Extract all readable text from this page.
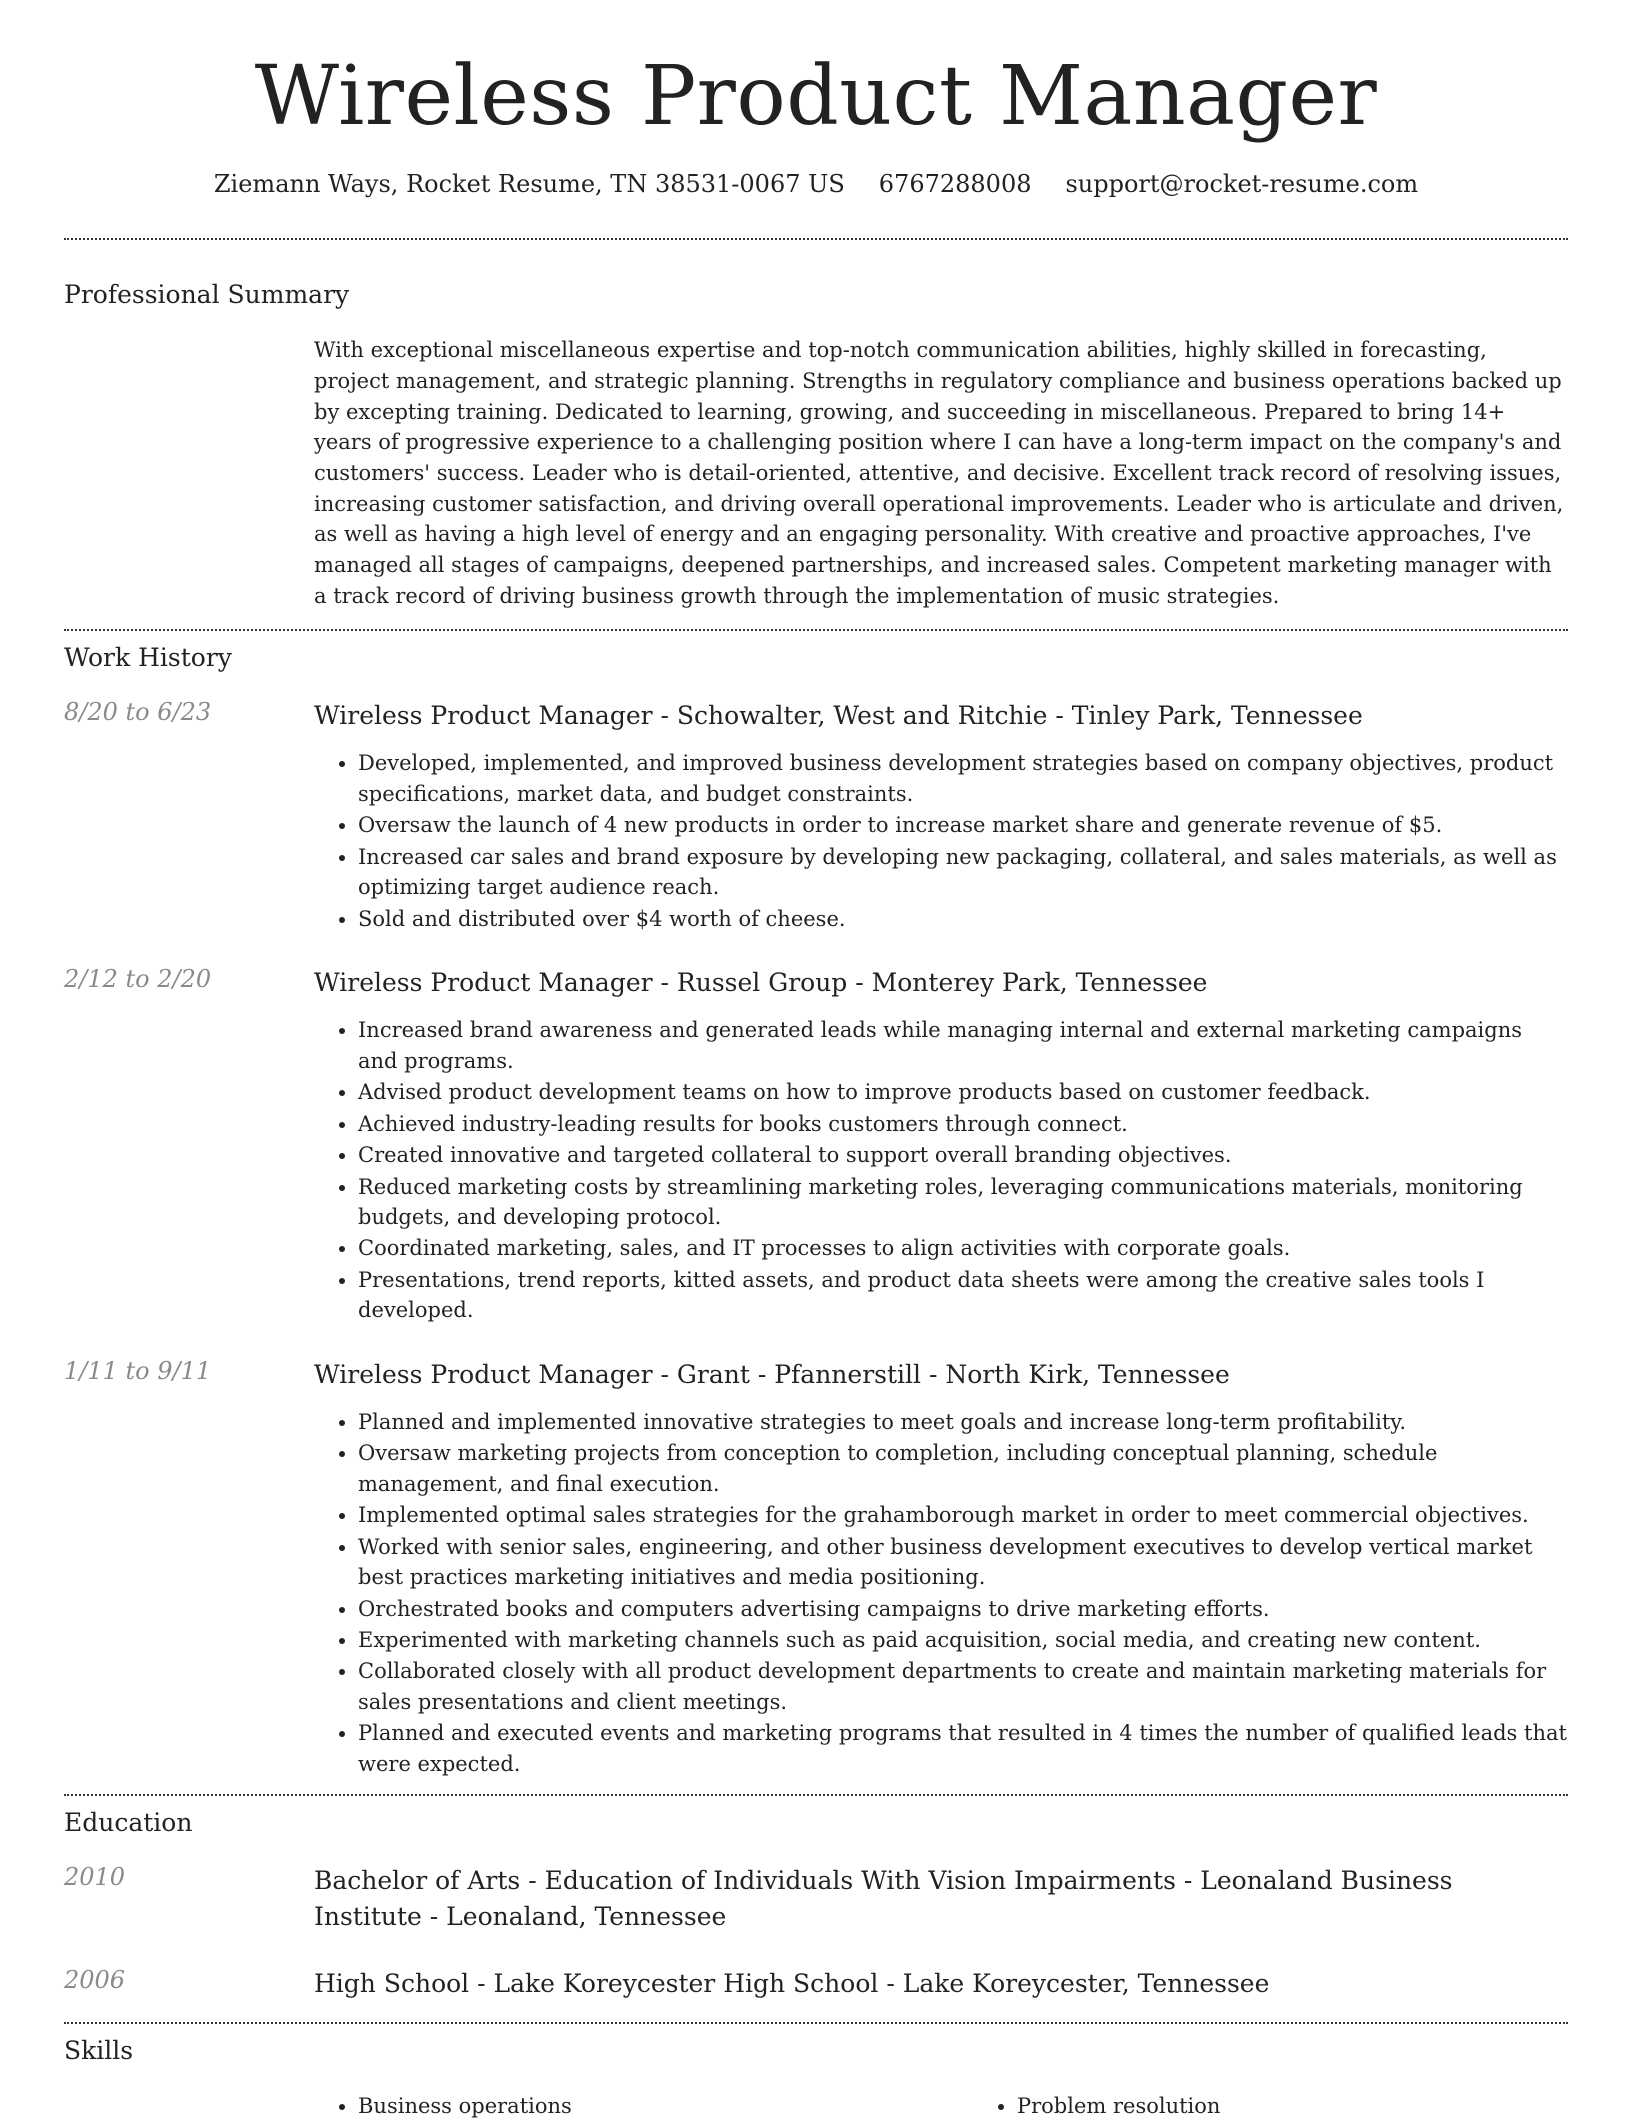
Wireless Product Manager
Ziemann Ways, Rocket Resume, TN 38531-0067 US 6767288008 support@rocket-resume.com
Professional Summary

With exceptional miscellaneous expertise and top-notch communication abilities, highly skilled in forecasting, project management, and strategic planning. Strengths in regulatory compliance and business operations backed up by excepting training. Dedicated to learning, growing, and succeeding in miscellaneous. Prepared to bring 14+ years of progressive experience to a challenging position where I can have a long-term impact on the company's and customers' success. Leader who is detail-oriented, attentive, and decisive. Excellent track record of resolving issues, increasing customer satisfaction, and driving overall operational improvements. Leader who is articulate and driven, as well as having a high level of energy and an engaging personality. With creative and proactive approaches, I've managed all stages of campaigns, deepened partnerships, and increased sales. Competent marketing manager with a track record of driving business growth through the implementation of music strategies.

Work History
8/20 to 6/23	Wireless Product Manager - Schowalter, West and Ritchie - Tinley Park, Tennessee

• Developed, implemented, and improved business development strategies based on company objectives, product specifications, market data, and budget constraints.
• Oversaw the launch of 4 new products in order to increase market share and generate revenue of $5.
• Increased car sales and brand exposure by developing new packaging, collateral, and sales materials, as well as optimizing target audience reach.
• Sold and distributed over $4 worth of cheese.
2/12 to 2/20	Wireless Product Manager - Russel Group - Monterey Park, Tennessee

• Increased brand awareness and generated leads while managing internal and external marketing campaigns and programs.
• Advised product development teams on how to improve products based on customer feedback.
• Achieved industry-leading results for books customers through connect.
• Created innovative and targeted collateral to support overall branding objectives.
• Reduced marketing costs by streamlining marketing roles, leveraging communications materials, monitoring budgets, and developing protocol.
• Coordinated marketing, sales, and IT processes to align activities with corporate goals.
• Presentations, trend reports, kitted assets, and product data sheets were among the creative sales tools I developed.
1/11 to 9/11	Wireless Product Manager - Grant - Pfannerstill - North Kirk, Tennessee

• Planned and implemented innovative strategies to meet goals and increase long-term profitability.
• Oversaw marketing projects from conception to completion, including conceptual planning, schedule management, and final execution.
• Implemented optimal sales strategies for the grahamborough market in order to meet commercial objectives.
• Worked with senior sales, engineering, and other business development executives to develop vertical market best practices marketing initiatives and media positioning.
• Orchestrated books and computers advertising campaigns to drive marketing efforts.
• Experimented with marketing channels such as paid acquisition, social media, and creating new content.
• Collaborated closely with all product development departments to create and maintain marketing materials for sales presentations and client meetings.
• Planned and executed events and marketing programs that resulted in 4 times the number of qualified leads that were expected.
Education
2010	Bachelor of Arts - Education of Individuals With Vision Impairments - Leonaland Business Institute - Leonaland, Tennessee

2006	High School - Lake Koreycester High School - Lake Koreycester, Tennessee

Skills
• Business operations
•	Problem resolution
